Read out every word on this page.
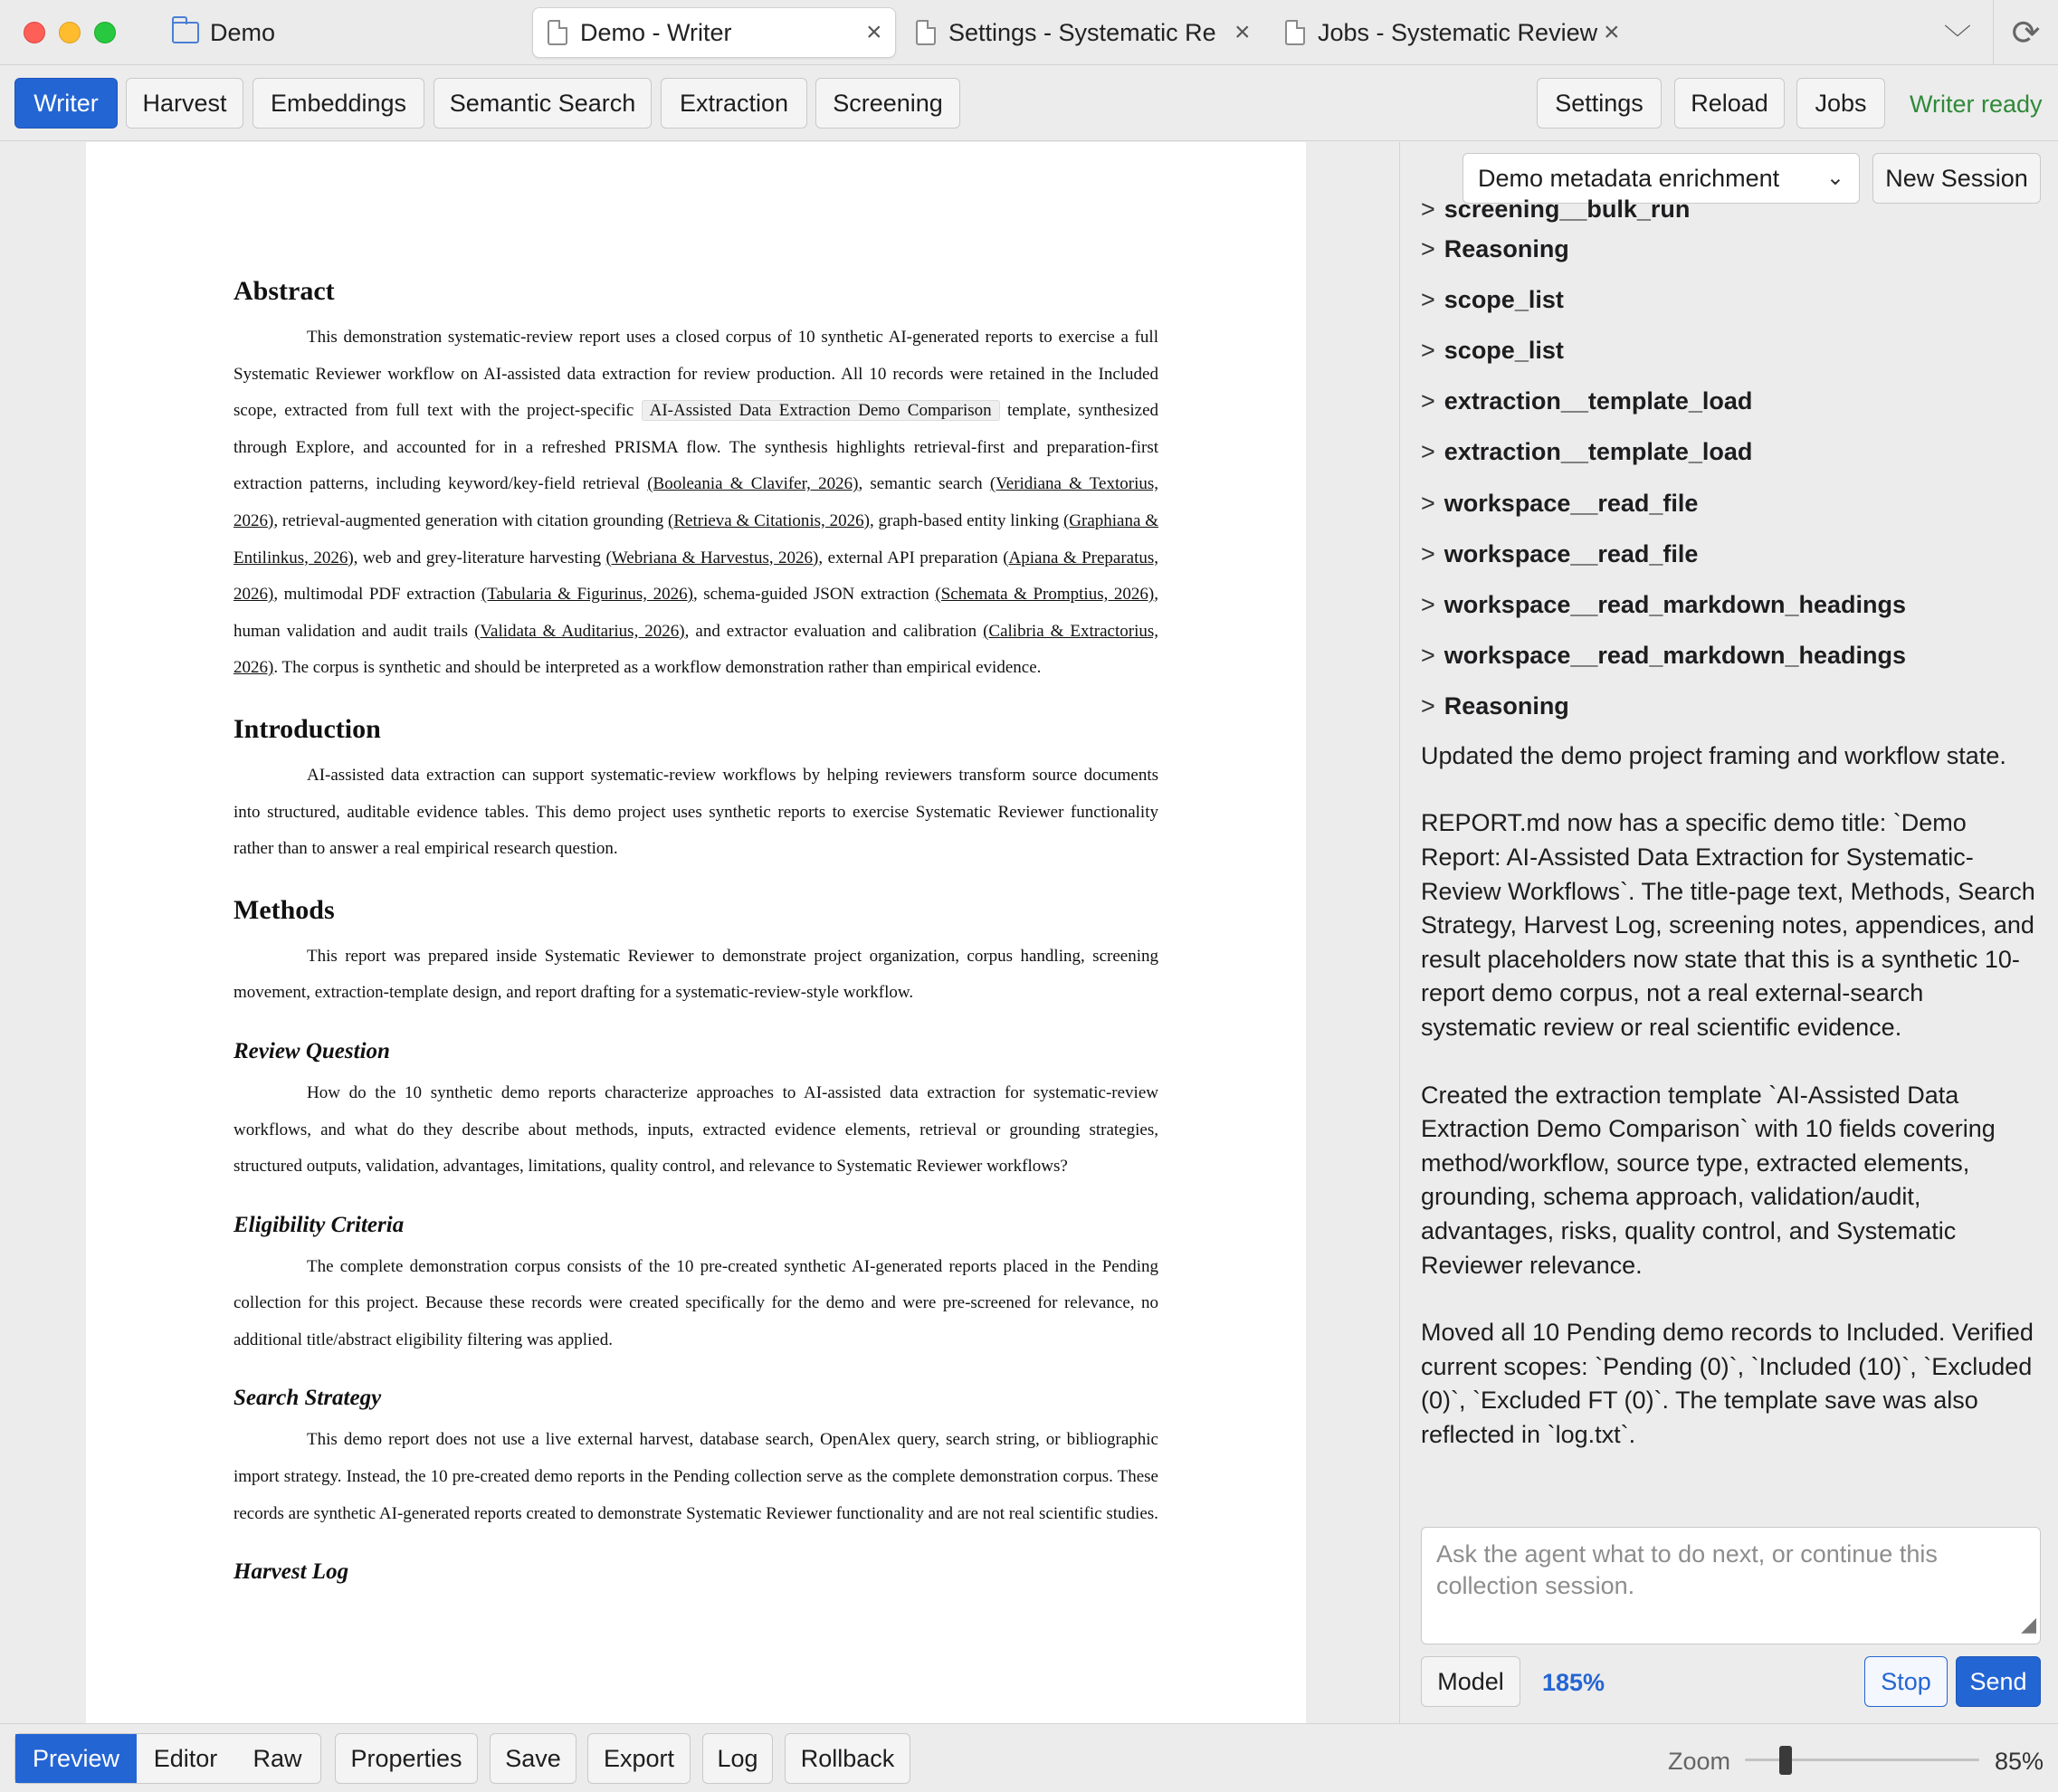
Demo	Demo - Writer	×	Settings - Systematic Re ×	Jobs - Systematic Review ×	﹀	⟳
Writer	Harvest	Embeddings	Semantic Search	Extraction	Screening	Settings	Reload	Jobs	Writer ready
Abstract

This demonstration systematic-review report uses a closed corpus of 10 synthetic AI-generated reports to exercise a full Systematic Reviewer workflow on AI-assisted data extraction for review production. All 10 records were retained in the Included scope, extracted from full text with the project-specific AI-Assisted Data Extraction Demo Comparison template, synthesized through Explore, and accounted for in a refreshed PRISMA flow. The synthesis highlights retrieval-first and preparation-first extraction patterns, including keyword/key-field retrieval (Booleania & Clavifer, 2026), semantic search (Veridiana & Textorius, 2026), retrieval-augmented generation with citation grounding (Retrieva & Citationis, 2026), graph-based entity linking (Graphiana & Entilinkus, 2026), web and grey-literature harvesting (Webriana & Harvestus, 2026), external API preparation (Apiana & Preparatus, 2026), multimodal PDF extraction (Tabularia & Figurinus, 2026), schema-guided JSON extraction (Schemata & Promptius, 2026), human validation and audit trails (Validata & Auditarius, 2026), and extractor evaluation and calibration (Calibria & Extractorius, 2026). The corpus is synthetic and should be interpreted as a workflow demonstration rather than empirical evidence.

Introduction

AI-assisted data extraction can support systematic-review workflows by helping reviewers transform source documents into structured, auditable evidence tables. This demo project uses synthetic reports to exercise Systematic Reviewer functionality rather than to answer a real empirical research question.

Methods

This report was prepared inside Systematic Reviewer to demonstrate project organization, corpus handling, screening movement, extraction-template design, and report drafting for a systematic-review-style workflow.

Review Question

How do the 10 synthetic demo reports characterize approaches to AI-assisted data extraction for systematic-review workflows, and what do they describe about methods, inputs, extracted evidence elements, retrieval or grounding strategies, structured outputs, validation, advantages, limitations, quality control, and relevance to Systematic Reviewer workflows?

Eligibility Criteria

The complete demonstration corpus consists of the 10 pre-created synthetic AI-generated reports placed in the Pending collection for this project. Because these records were created specifically for the demo and were pre-screened for relevance, no additional title/abstract eligibility filtering was applied.

Search Strategy

This demo report does not use a live external harvest, database search, OpenAlex query, search string, or bibliographic import strategy. Instead, the 10 pre-created demo reports in the Pending collection serve as the complete demonstration corpus. These records are synthetic AI-generated reports created to demonstrate Systematic Reviewer functionality and are not real scientific studies.

Harvest Log
Demo metadata enrichment ⌄	New Session
> screening__bulk_run
> Reasoning
> scope_list
> scope_list
> extraction__template_load
> extraction__template_load
> workspace__read_file
> workspace__read_file
> workspace__read_markdown_headings
> workspace__read_markdown_headings
> Reasoning

Updated the demo project framing and workflow state.

REPORT.md now has a specific demo title: `Demo Report: AI-Assisted Data Extraction for Systematic-Review Workflows`. The title-page text, Methods, Search Strategy, Harvest Log, screening notes, appendices, and result placeholders now state that this is a synthetic 10-report demo corpus, not a real external-search systematic review or real scientific evidence.

Created the extraction template `AI-Assisted Data Extraction Demo Comparison` with 10 fields covering method/workflow, source type, extracted elements, grounding, schema approach, validation/audit, advantages, risks, quality control, and Systematic Reviewer relevance.

Moved all 10 Pending demo records to Included. Verified current scopes: `Pending (0)`, `Included (10)`, `Excluded (0)`, `Excluded FT (0)`. The template save was also reflected in `log.txt`.

Ask the agent what to do next, or continue this collection session.
◢
Model	185%	Stop	Send
Preview	Editor	Raw	Properties	Save	Export	Log	Rollback	Zoom	85%
